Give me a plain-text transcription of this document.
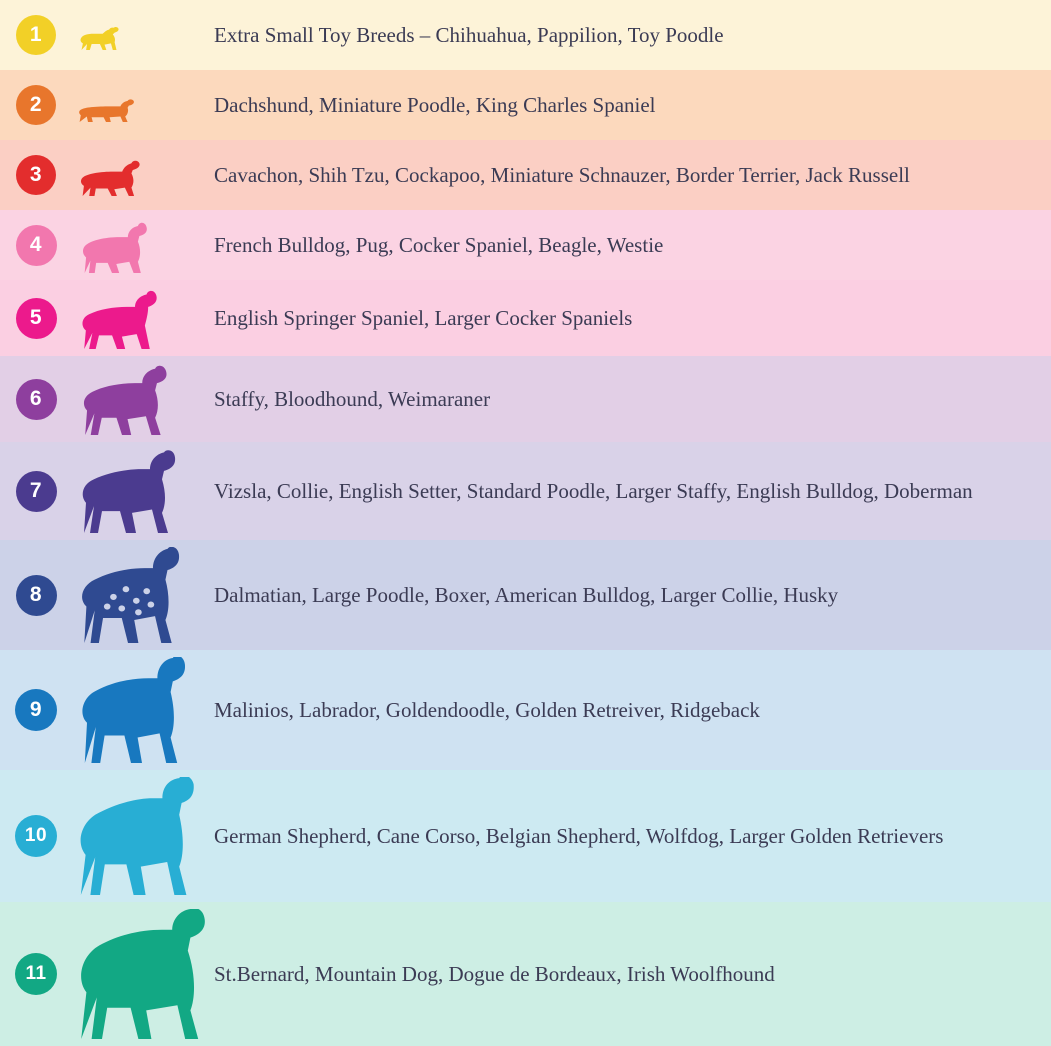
1	Extra Small Toy Breeds – Chihuahua, Pappilion, Toy Poodle
2	Dachshund, Miniature Poodle, King Charles Spaniel
3	Cavachon, Shih Tzu, Cockapoo, Miniature Schnauzer, Border Terrier, Jack Russell
4	French Bulldog, Pug, Cocker Spaniel, Beagle, Westie
5	English Springer Spaniel, Larger Cocker Spaniels
6	Staffy, Bloodhound, Weimaraner
7	Vizsla, Collie, English Setter, Standard Poodle, Larger Staffy, English Bulldog, Doberman
8	Dalmatian, Large Poodle, Boxer, American Bulldog, Larger Collie, Husky
9	Malinios, Labrador, Goldendoodle, Golden Retreiver, Ridgeback
10	German Shepherd, Cane Corso, Belgian Shepherd, Wolfdog, Larger Golden Retrievers
11	St.Bernard, Mountain Dog, Dogue de Bordeaux, Irish Woolfhound
